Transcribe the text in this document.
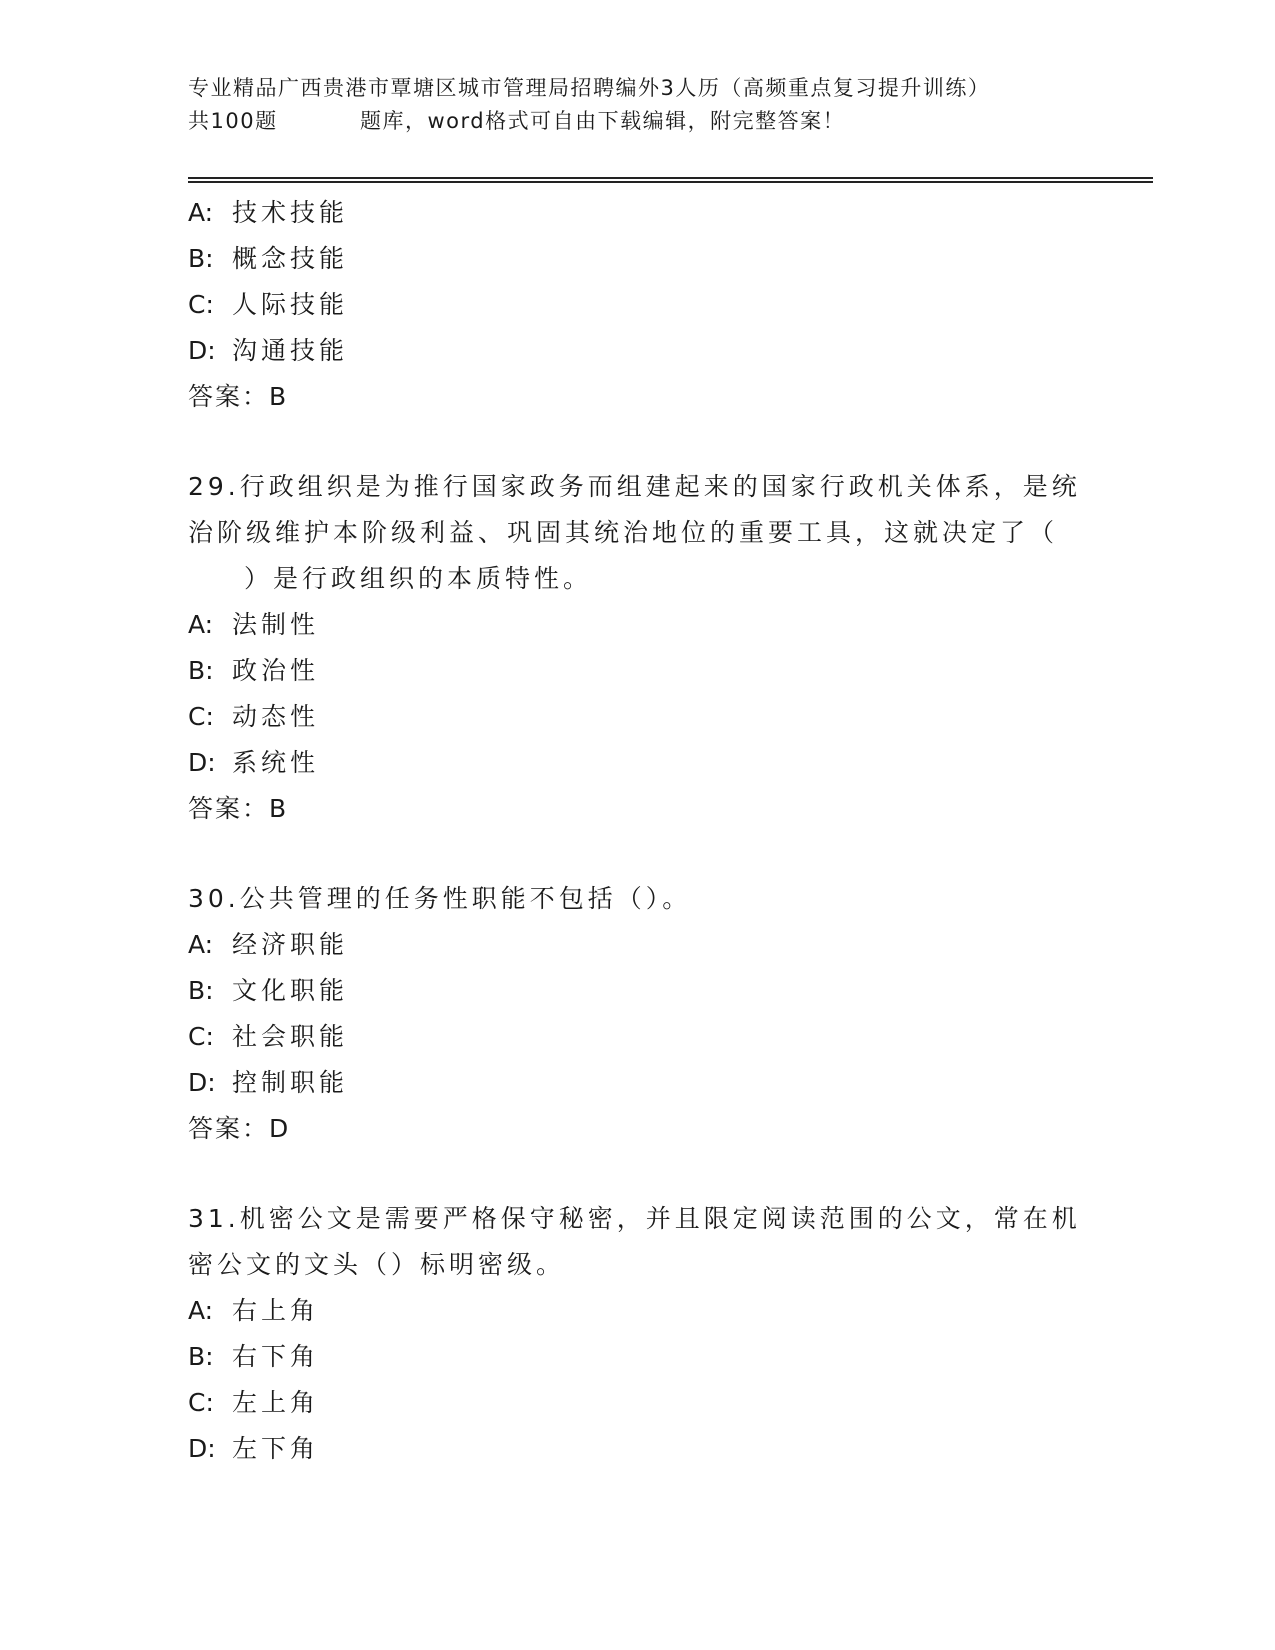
专业精品广西贵港市覃塘区城市管理局招聘编外3人历（高频重点复习提升训练）
共100题	题库，word格式可自由下载编辑，附完整答案！
A: 技术技能
B: 概念技能
C: 人际技能
D: 沟通技能
答案：B
29.行政组织是为推行国家政务而组建起来的国家行政机关体系，是统
治阶级维护本阶级利益、巩固其统治地位的重要工具，这就决定了（
）是行政组织的本质特性。
A: 法制性
B: 政治性
C: 动态性
D: 系统性
答案：B
30.公共管理的任务性职能不包括（）。
A: 经济职能
B: 文化职能
C: 社会职能
D: 控制职能
答案：D
31.机密公文是需要严格保守秘密，并且限定阅读范围的公文，常在机
密公文的文头（）标明密级。
A: 右上角
B: 右下角
C: 左上角
D: 左下角
